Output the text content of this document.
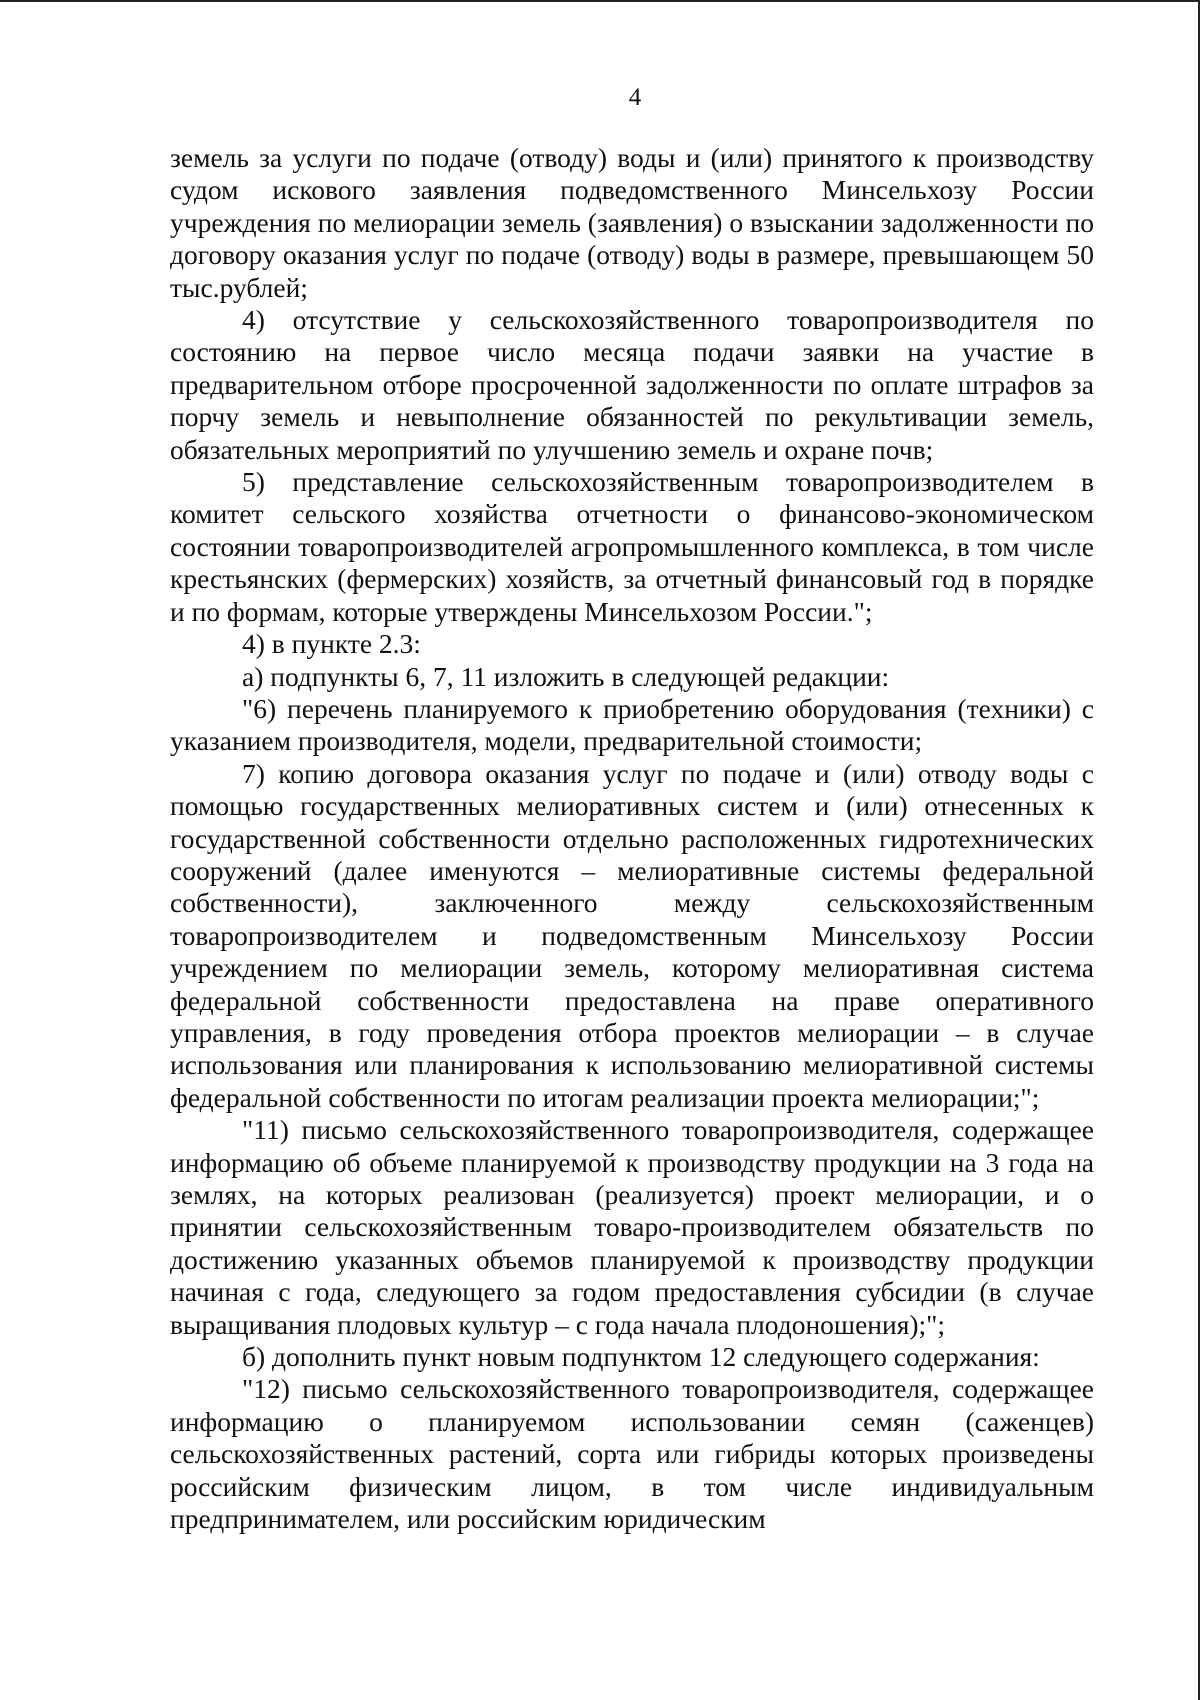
4

земель за услуги по подаче (отводу) воды и (или) принятого к производству судом искового заявления подведомственного Минсельхозу России учреждения по мелиорации земель (заявления) о взыскании задолженности по договору оказания услуг по подаче (отводу) воды в размере, превышающем 50 тыс.рублей;

4) отсутствие у сельскохозяйственного товаропроизводителя по состоянию на первое число месяца подачи заявки на участие в предварительном отборе просроченной задолженности по оплате штрафов за порчу земель и невыполнение обязанностей по рекультивации земель, обязательных мероприятий по улучшению земель и охране почв;

5) представление сельскохозяйственным товаропроизводителем в комитет сельского хозяйства отчетности о финансово-экономическом состоянии товаропроизводителей агропромышленного комплекса, в том числе крестьянских (фермерских) хозяйств, за отчетный финансовый год в порядке и по формам, которые утверждены Минсельхозом России.";

4) в пункте 2.3:

а) подпункты 6, 7, 11 изложить в следующей редакции:

"6) перечень планируемого к приобретению оборудования (техники) с указанием производителя, модели, предварительной стоимости;

7) копию договора оказания услуг по подаче и (или) отводу воды с помощью государственных мелиоративных систем и (или) отнесенных к государственной собственности отдельно расположенных гидротехнических сооружений (далее именуются – мелиоративные системы федеральной собственности), заключенного между сельскохозяйственным товаропроизводителем и подведомственным Минсельхозу России учреждением по мелиорации земель, которому мелиоративная система федеральной собственности предоставлена на праве оперативного управления, в году проведения отбора проектов мелиорации – в случае использования или планирования к использованию мелиоративной системы федеральной собственности по итогам реализации проекта мелиорации;";

"11) письмо сельскохозяйственного товаропроизводителя, содержащее информацию об объеме планируемой к производству продукции на 3 года на землях, на которых реализован (реализуется) проект мелиорации, и о принятии сельскохозяйственным товаро-производителем обязательств по достижению указанных объемов планируемой к производству продукции начиная с года, следующего за годом предоставления субсидии (в случае выращивания плодовых культур – с года начала плодоношения);";

б) дополнить пункт новым подпунктом 12 следующего содержания:

"12) письмо сельскохозяйственного товаропроизводителя, содержащее информацию о планируемом использовании семян (саженцев) сельскохозяйственных растений, сорта или гибриды которых произведены российским физическим лицом, в том числе индивидуальным предпринимателем, или российским юридическим
